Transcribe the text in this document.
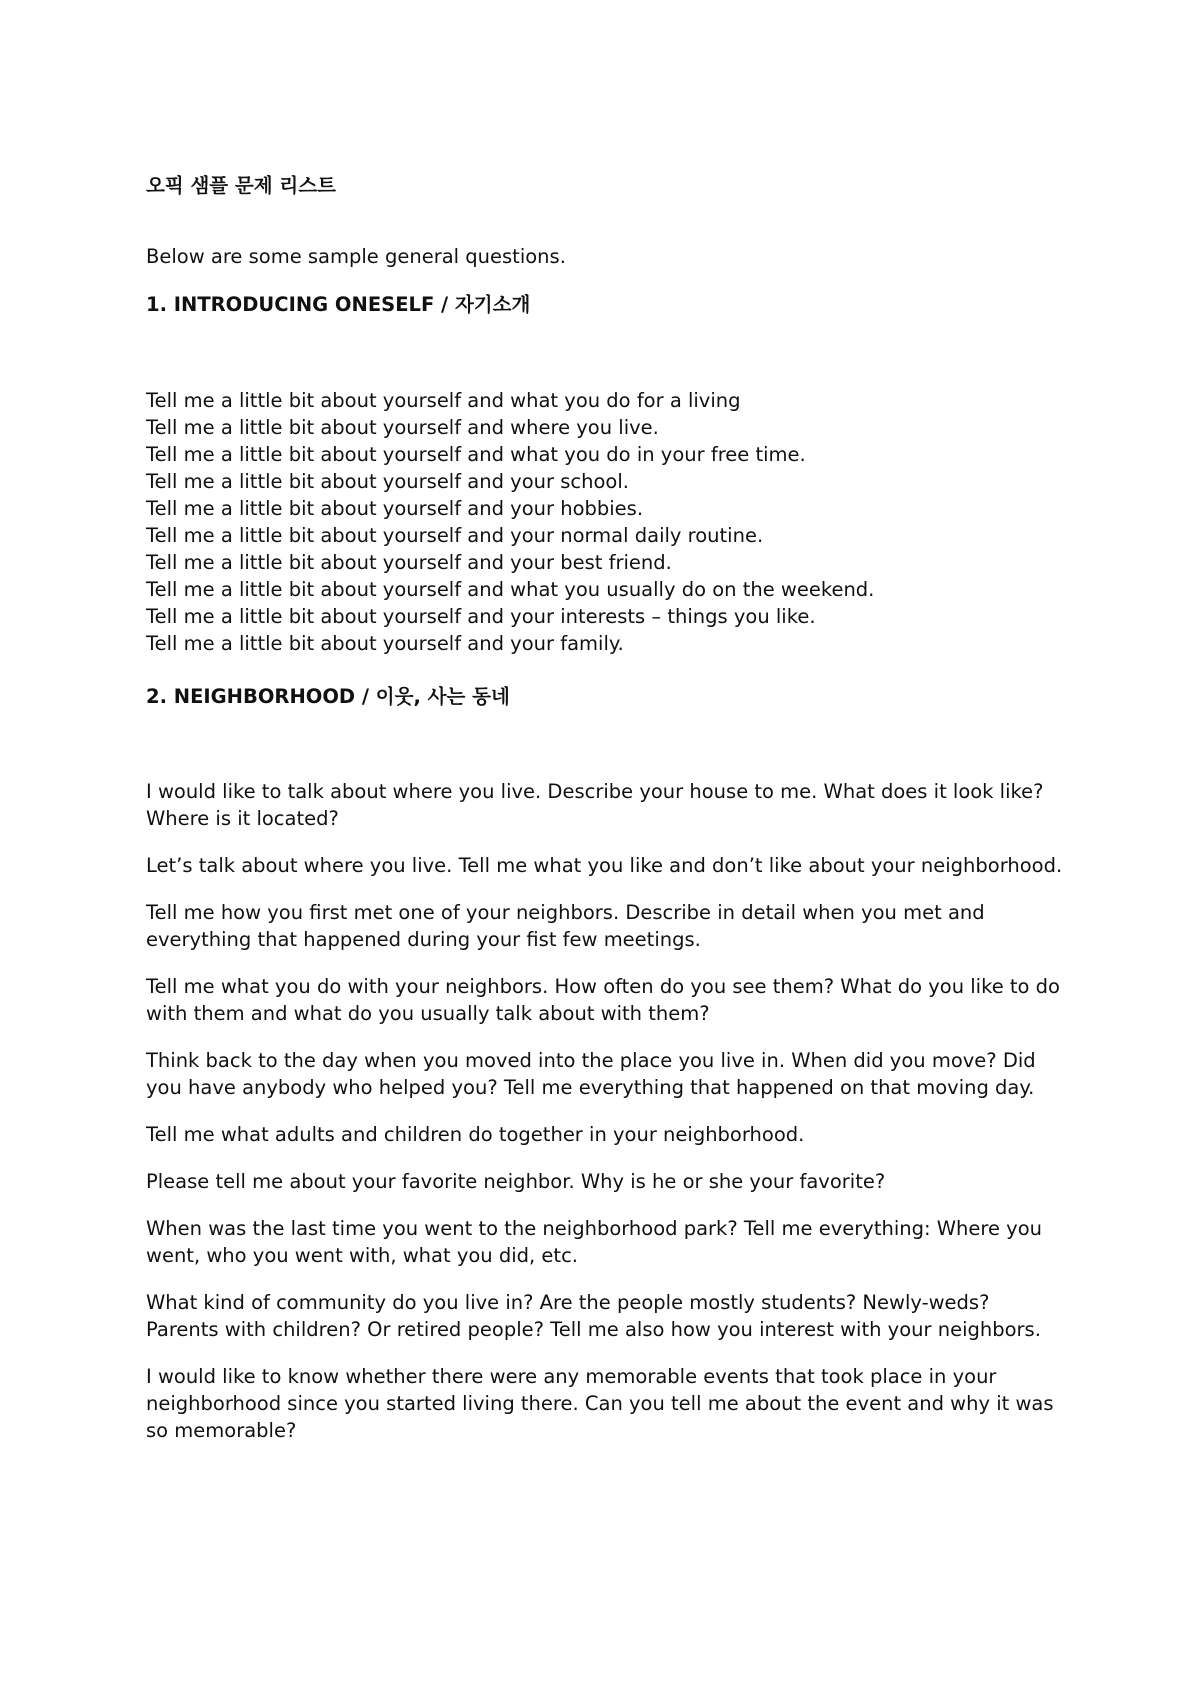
오픽 샘플 문제 리스트

Below are some sample general questions.

1. INTRODUCING ONESELF / 자기소개
Tell me a little bit about yourself and what you do for a living
Tell me a little bit about yourself and where you live.
Tell me a little bit about yourself and what you do in your free time.
Tell me a little bit about yourself and your school.
Tell me a little bit about yourself and your hobbies.
Tell me a little bit about yourself and your normal daily routine.
Tell me a little bit about yourself and your best friend.
Tell me a little bit about yourself and what you usually do on the weekend.
Tell me a little bit about yourself and your interests – things you like.
Tell me a little bit about yourself and your family.
2. NEIGHBORHOOD / 이웃, 사는 동네

I would like to talk about where you live. Describe your house to me. What does it look like? Where is it located?

Let’s talk about where you live. Tell me what you like and don’t like about your neighborhood.

Tell me how you first met one of your neighbors. Describe in detail when you met and everything that happened during your fist few meetings.

Tell me what you do with your neighbors. How often do you see them? What do you like to do with them and what do you usually talk about with them?

Think back to the day when you moved into the place you live in. When did you move? Did you have anybody who helped you? Tell me everything that happened on that moving day.

Tell me what adults and children do together in your neighborhood.

Please tell me about your favorite neighbor. Why is he or she your favorite?

When was the last time you went to the neighborhood park? Tell me everything: Where you went, who you went with, what you did, etc.

What kind of community do you live in? Are the people mostly students? Newly-weds? Parents with children? Or retired people? Tell me also how you interest with your neighbors.

I would like to know whether there were any memorable events that took place in your neighborhood since you started living there. Can you tell me about the event and why it was so memorable?
